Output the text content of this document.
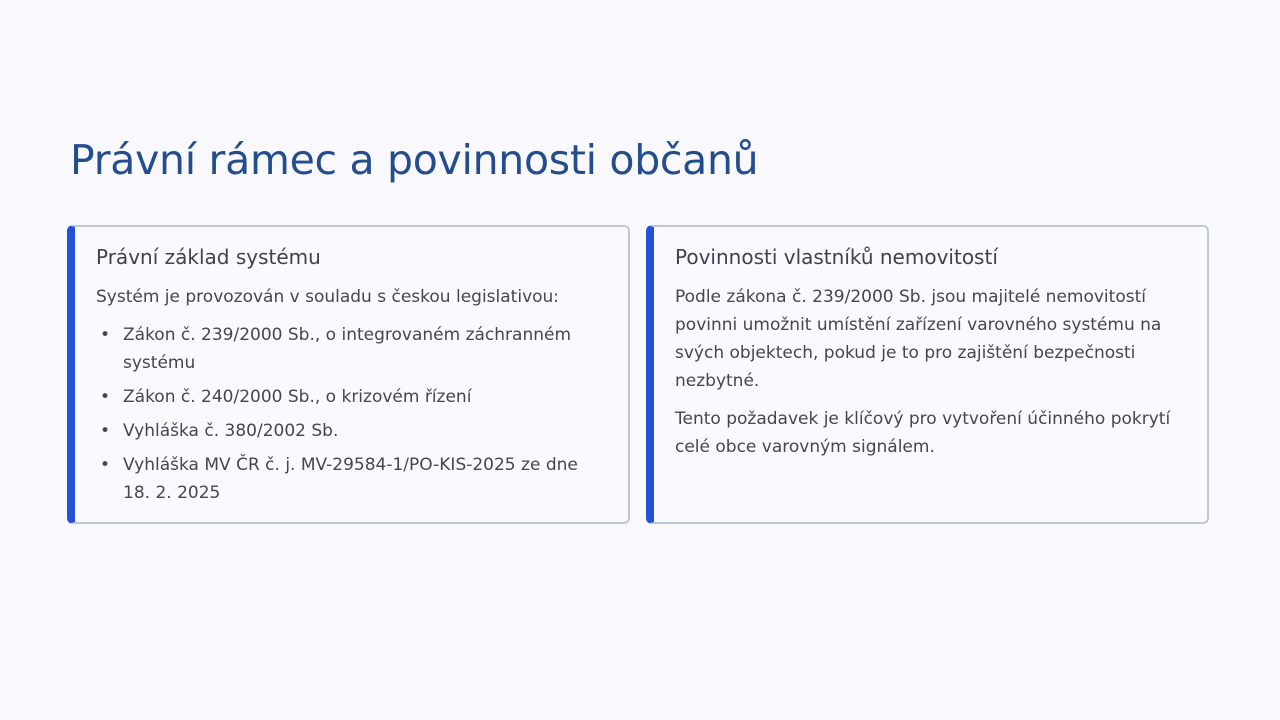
Právní rámec a povinnosti občanů
Právní základ systému

Systém je provozován v souladu s českou legislativou:

• Zákon č. 239/2000 Sb., o integrovaném záchranném systému
• Zákon č. 240/2000 Sb., o krizovém řízení
• Vyhláška č. 380/2002 Sb.
• Vyhláška MV ČR č. j. MV-29584-1/PO-KIS-2025 ze dne 18. 2. 2025
Povinnosti vlastníků nemovitostí

Podle zákona č. 239/2000 Sb. jsou majitelé nemovitostí povinni umožnit umístění zařízení varovného systému na svých objektech, pokud je to pro zajištění bezpečnosti nezbytné.

Tento požadavek je klíčový pro vytvoření účinného pokrytí celé obce varovným signálem.
